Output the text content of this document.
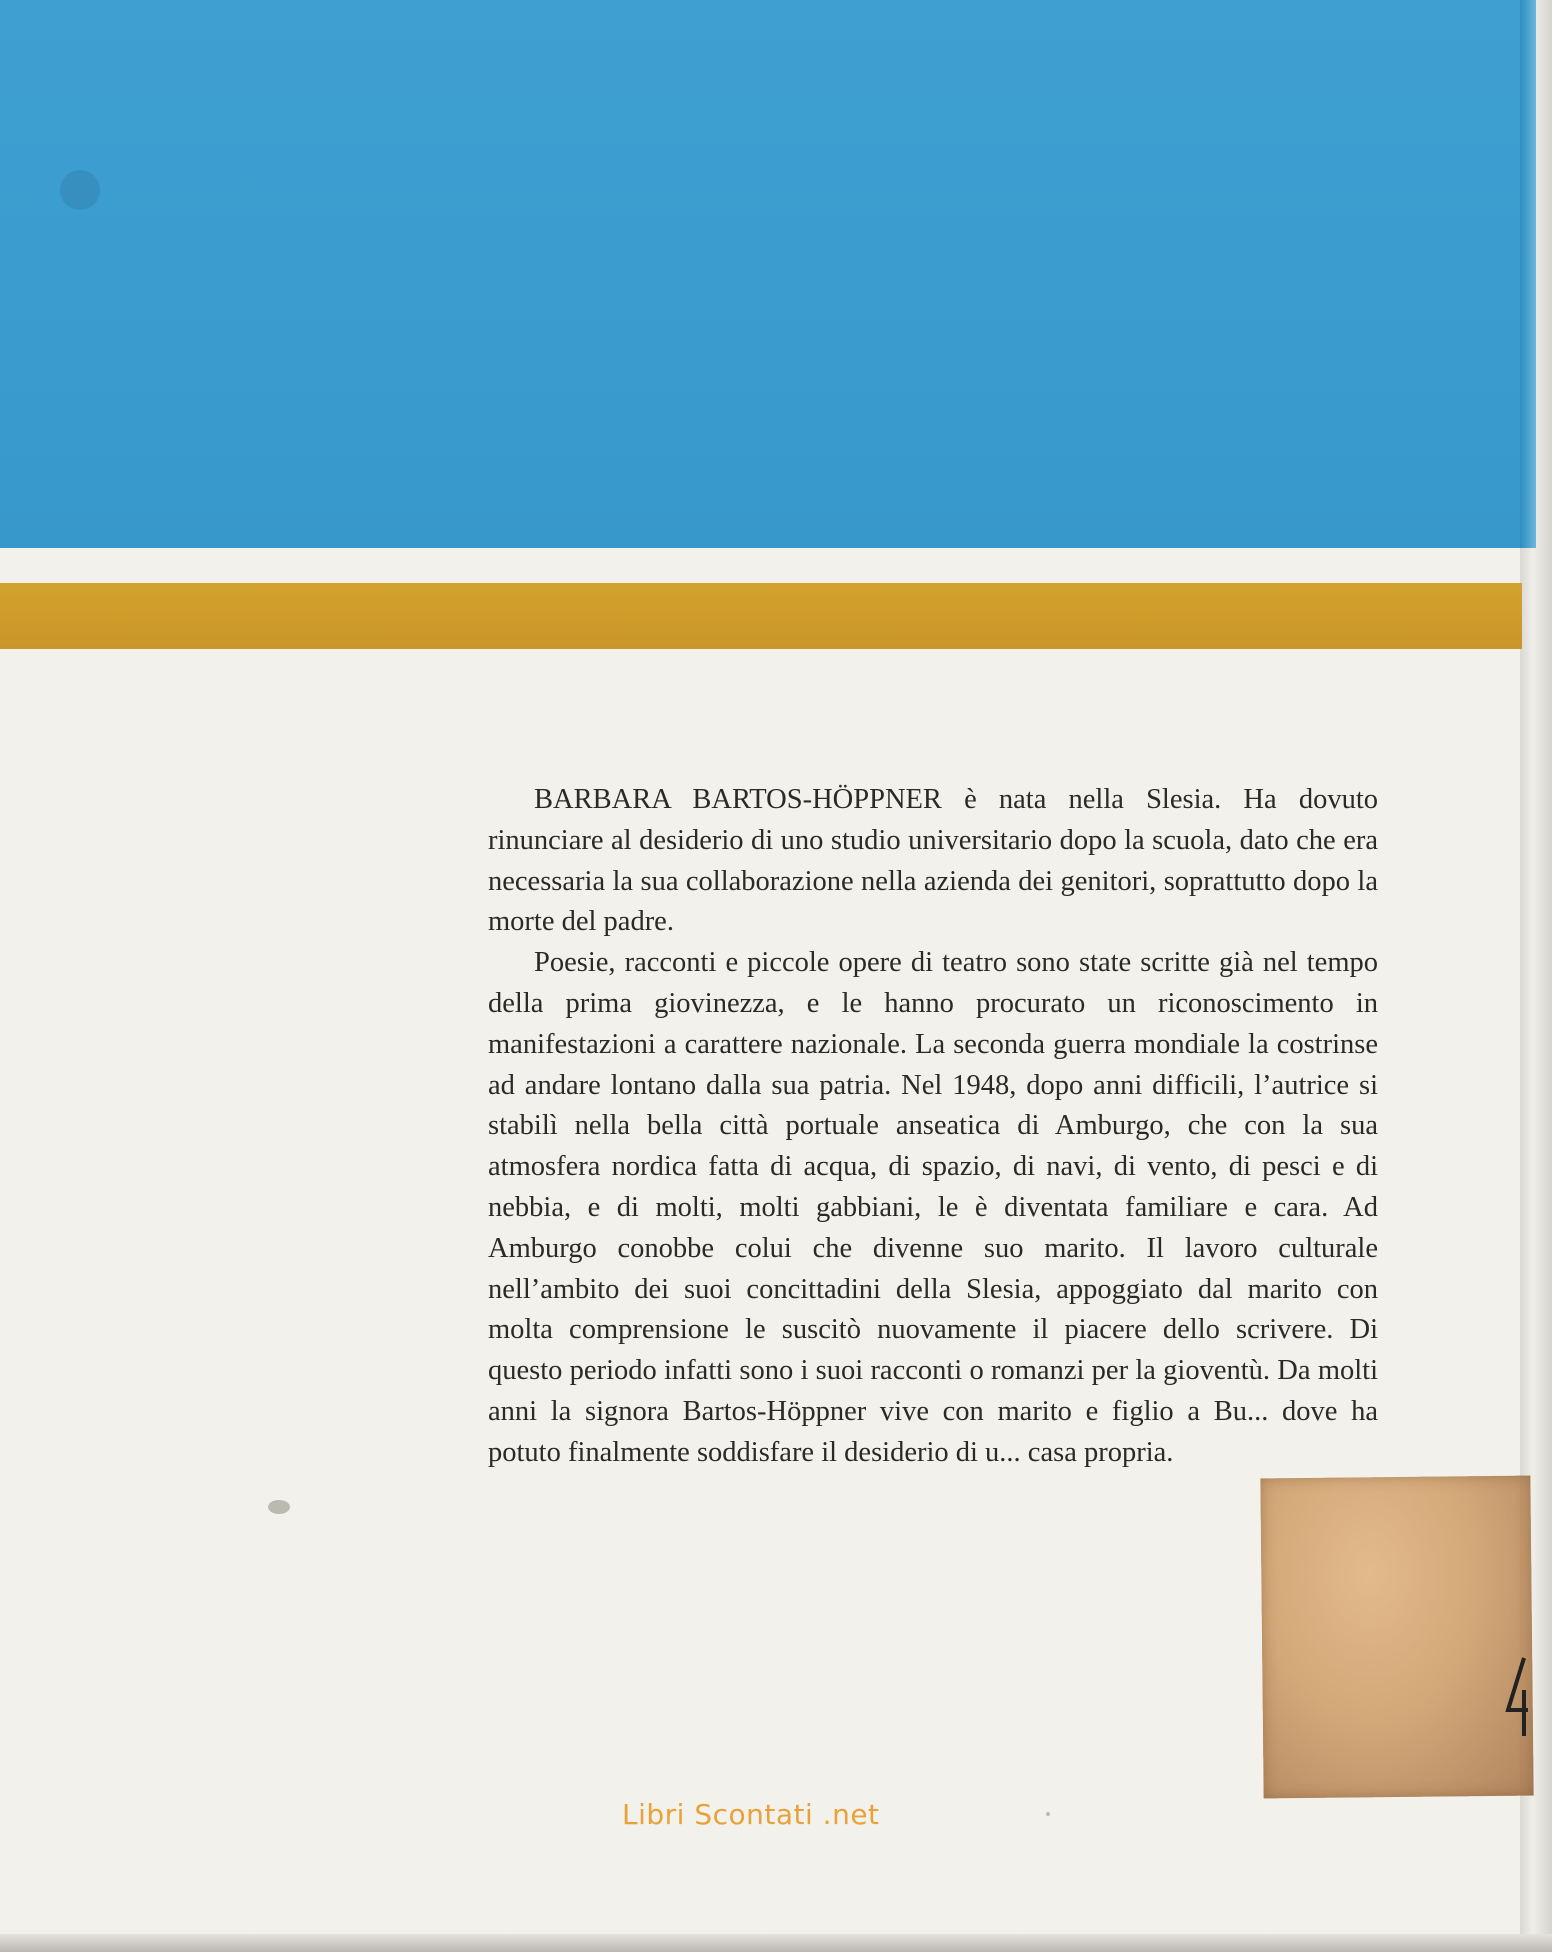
BARBARA BARTOS-HÖPPNER è nata nella Slesia. Ha dovuto rinunciare al desiderio di uno studio universitario dopo la scuola, dato che era necessaria la sua collaborazione nella azienda dei genitori, soprattutto dopo la morte del padre.

Poesie, racconti e piccole opere di teatro sono state scritte già nel tempo della prima giovinezza, e le hanno procurato un riconoscimento in manifestazioni a carattere nazionale. La seconda guerra mondiale la costrinse ad andare lontano dalla sua patria. Nel 1948, dopo anni difficili, l’autrice si stabilì nella bella città portuale anseatica di Amburgo, che con la sua atmosfera nordica fatta di acqua, di spazio, di navi, di vento, di pesci e di nebbia, e di molti, molti gabbiani, le è diventata familiare e cara. Ad Amburgo conobbe colui che divenne suo marito. Il lavoro culturale nell’ambito dei suoi concittadini della Slesia, appoggiato dal marito con molta comprensione le suscitò nuovamente il piacere dello scrivere. Di questo periodo infatti sono i suoi racconti o romanzi per la gioventù. Da molti anni la signora Bartos-Höppner vive con marito e figlio a Bu... dove ha potuto finalmente soddisfare il desiderio di u... casa propria.

Libri Scontati .net
